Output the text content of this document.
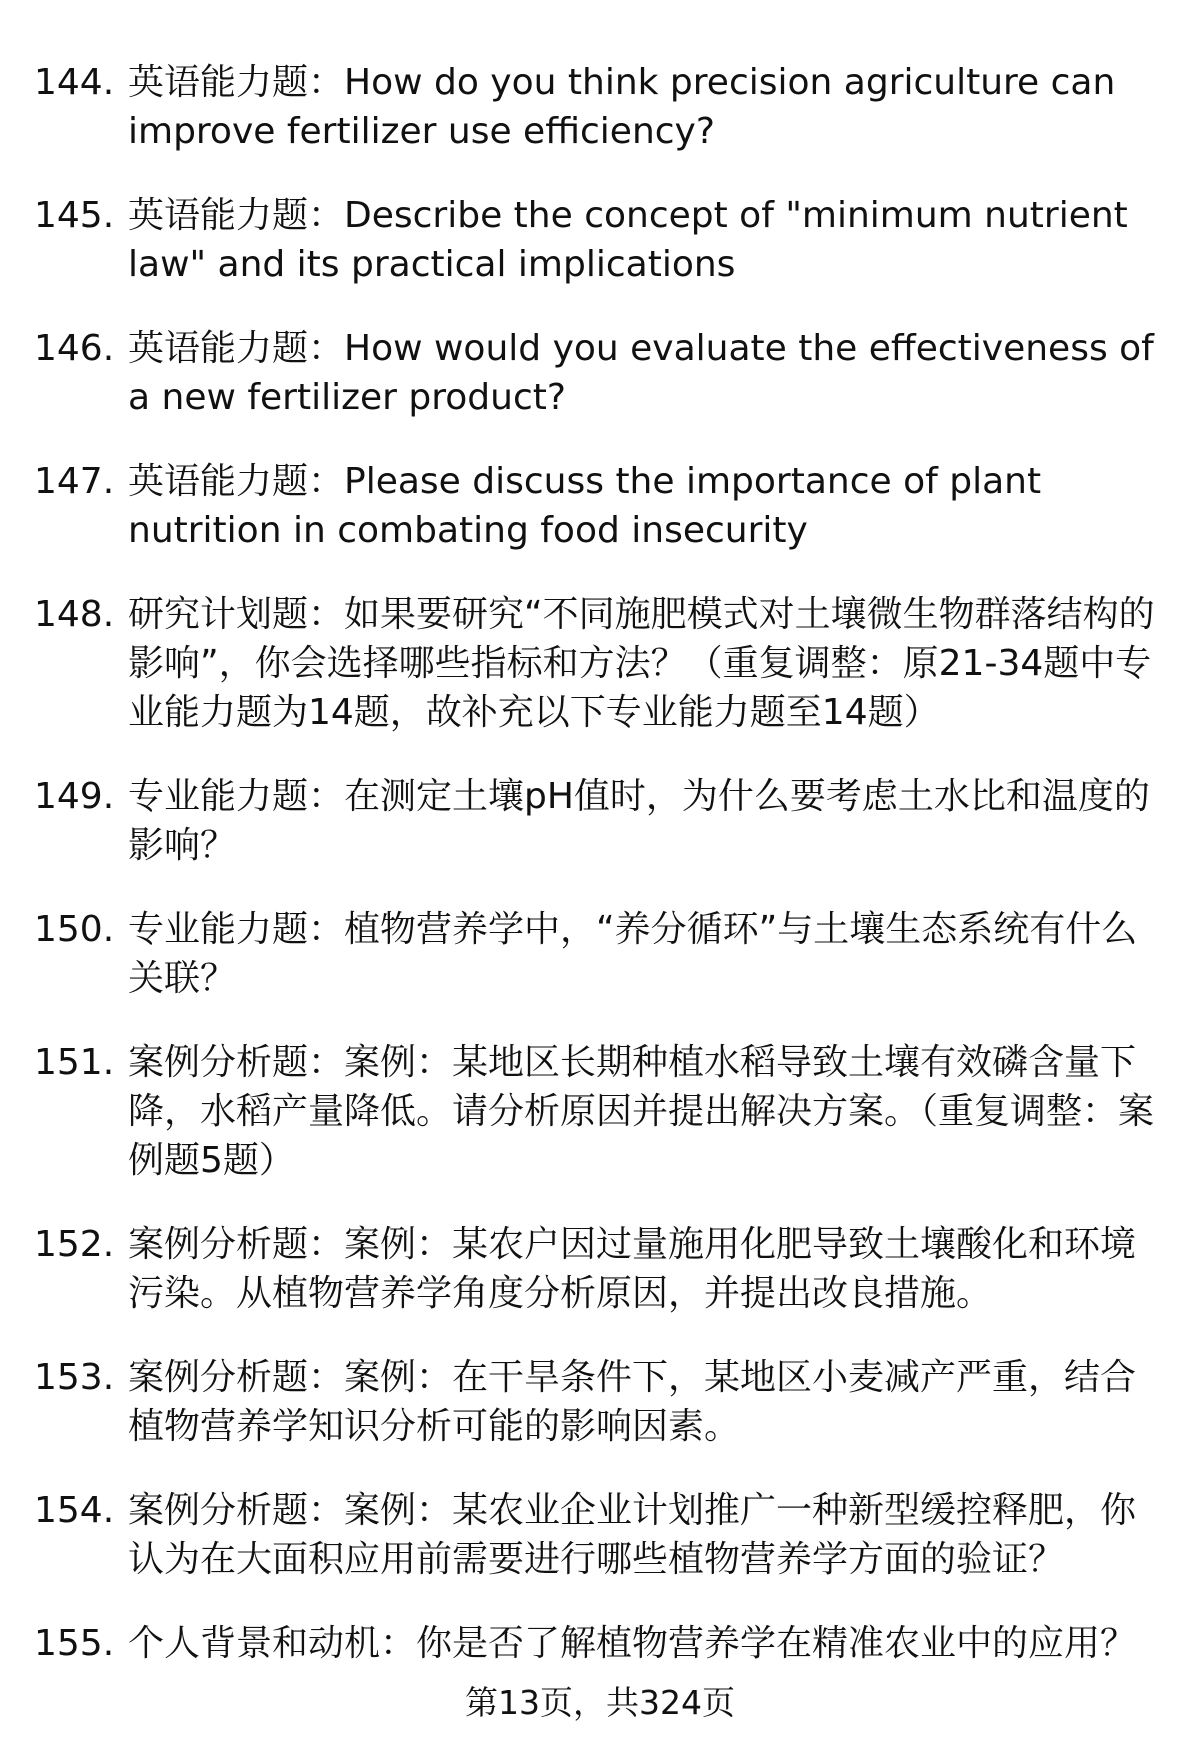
144. 英语能力题：How do you think precision agriculture can improve fertilizer use efficiency?
145. 英语能力题：Describe the concept of "minimum nutrient law" and its practical implications
146. 英语能力题：How would you evaluate the effectiveness of a new fertilizer product?
147. 英语能力题：Please discuss the importance of plant nutrition in combating food insecurity
148. 研究计划题：如果要研究“不同施肥模式对土壤微生物群落结构的影响”，你会选择哪些指标和方法？（重复调整：原21-34题中专业能力题为14题，故补充以下专业能力题至14题）
149. 专业能力题：在测定土壤pH值时，为什么要考虑土水比和温度的影响？
150. 专业能力题：植物营养学中，“养分循环”与土壤生态系统有什么关联？
151. 案例分析题：案例：某地区长期种植水稻导致土壤有效磷含量下降，水稻产量降低。请分析原因并提出解决方案。（重复调整：案例题5题）
152. 案例分析题：案例：某农户因过量施用化肥导致土壤酸化和环境污染。从植物营养学角度分析原因，并提出改良措施。
153. 案例分析题：案例：在干旱条件下，某地区小麦减产严重，结合植物营养学知识分析可能的影响因素。
154. 案例分析题：案例：某农业企业计划推广一种新型缓控释肥，你认为在大面积应用前需要进行哪些植物营养学方面的验证？
155. 个人背景和动机：你是否了解植物营养学在精准农业中的应用？
第13页，共324页
